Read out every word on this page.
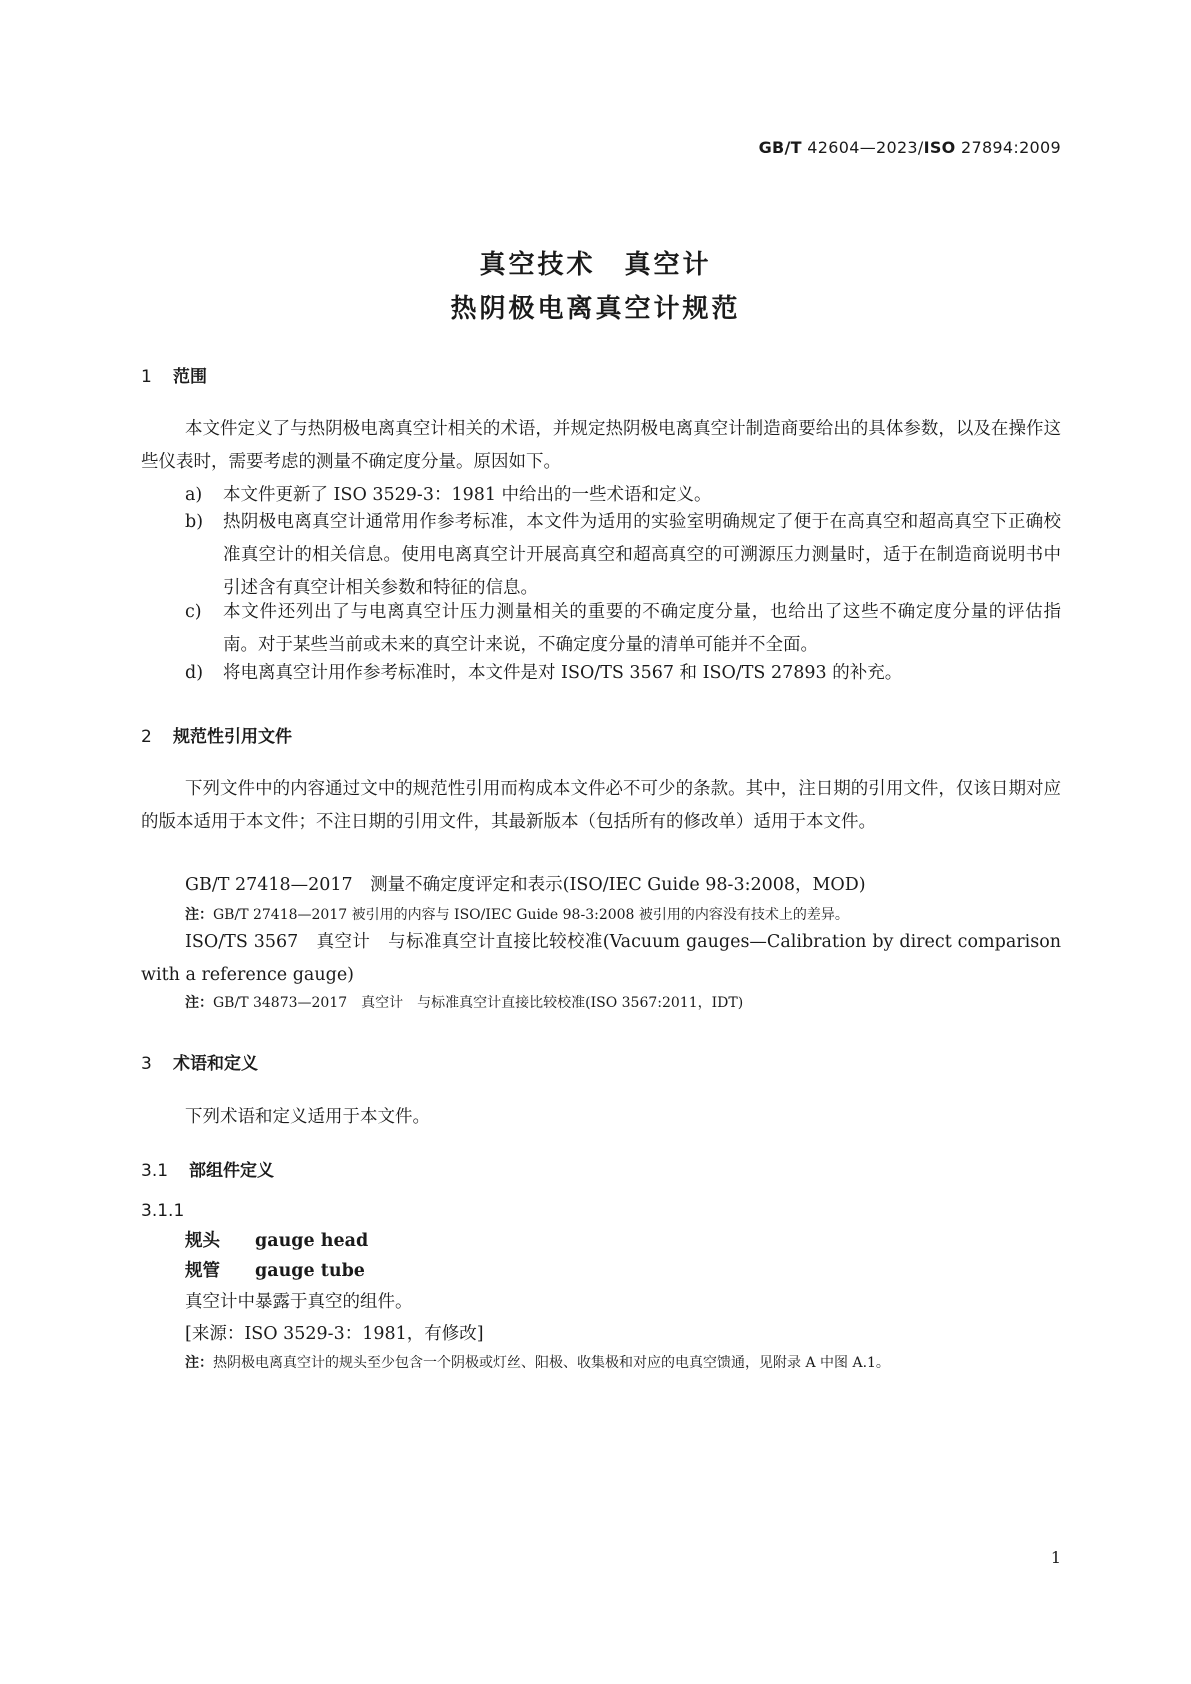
GB/T 42604—2023/ISO 27894:2009
真空技术　真空计
热阴极电离真空计规范
1 范围
本文件定义了与热阴极电离真空计相关的术语，并规定热阴极电离真空计制造商要给出的具体参数，以及在操作这些仪表时，需要考虑的测量不确定度分量。原因如下。
a) 本文件更新了 ISO 3529-3：1981 中给出的一些术语和定义。
b) 热阴极电离真空计通常用作参考标准，本文件为适用的实验室明确规定了便于在高真空和超高真空下正确校准真空计的相关信息。使用电离真空计开展高真空和超高真空的可溯源压力测量时，适于在制造商说明书中引述含有真空计相关参数和特征的信息。
c) 本文件还列出了与电离真空计压力测量相关的重要的不确定度分量，也给出了这些不确定度分量的评估指南。对于某些当前或未来的真空计来说，不确定度分量的清单可能并不全面。
d) 将电离真空计用作参考标准时，本文件是对 ISO/TS 3567 和 ISO/TS 27893 的补充。
2 规范性引用文件
下列文件中的内容通过文中的规范性引用而构成本文件必不可少的条款。其中，注日期的引用文件，仅该日期对应的版本适用于本文件；不注日期的引用文件，其最新版本（包括所有的修改单）适用于本文件。
GB/T 27418—2017　测量不确定度评定和表示(ISO/IEC Guide 98-3:2008，MOD)
注：GB/T 27418—2017 被引用的内容与 ISO/IEC Guide 98-3:2008 被引用的内容没有技术上的差异。
ISO/TS 3567　真空计　与标准真空计直接比较校准(Vacuum gauges—Calibration by direct comparison with a reference gauge)
注：GB/T 34873—2017　真空计　与标准真空计直接比较校准(ISO 3567:2011，IDT)
3 术语和定义
下列术语和定义适用于本文件。
3.1 部组件定义
3.1.1
规头 gauge head
规管 gauge tube
真空计中暴露于真空的组件。
[来源：ISO 3529-3：1981，有修改]
注：热阴极电离真空计的规头至少包含一个阴极或灯丝、阳极、收集极和对应的电真空馈通，见附录 A 中图 A.1。
1
